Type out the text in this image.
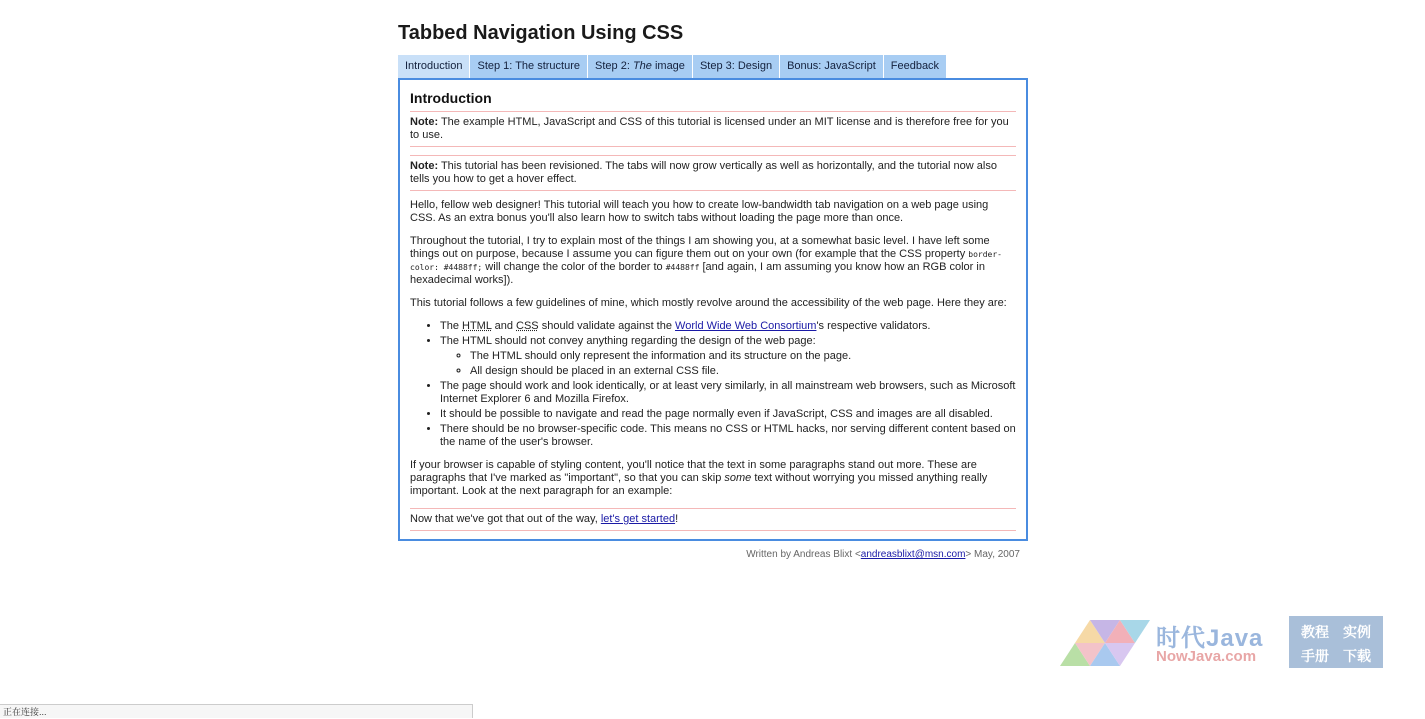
Tabbed Navigation Using CSS
Introduction	Step 1: The structure	Step 2: The image	Step 3: Design	Bonus: JavaScript	Feedback
Introduction

Note: The example HTML, JavaScript and CSS of this tutorial is licensed under an MIT license and is therefore free for you to use.

Note: This tutorial has been revisioned. The tabs will now grow vertically as well as horizontally, and the tutorial now also tells you how to get a hover effect.

Hello, fellow web designer! This tutorial will teach you how to create low-bandwidth tab navigation on a web page using CSS. As an extra bonus you'll also learn how to switch tabs without loading the page more than once.

Throughout the tutorial, I try to explain most of the things I am showing you, at a somewhat basic level. I have left some things out on purpose, because I assume you can figure them out on your own (for example that the CSS property border-color: #4488ff; will change the color of the border to #4488ff [and again, I am assuming you know how an RGB color in hexadecimal works]).

This tutorial follows a few guidelines of mine, which mostly revolve around the accessibility of the web page. Here they are:

• The HTML and CSS should validate against the World Wide Web Consortium's respective validators.
• The HTML should not convey anything regarding the design of the web page:
◦ The HTML should only represent the information and its structure on the page.
◦ All design should be placed in an external CSS file.
• The page should work and look identically, or at least very similarly, in all mainstream web browsers, such as Microsoft Internet Explorer 6 and Mozilla Firefox.
• It should be possible to navigate and read the page normally even if JavaScript, CSS and images are all disabled.
• There should be no browser-specific code. This means no CSS or HTML hacks, nor serving different content based on the name of the user's browser.

If your browser is capable of styling content, you'll notice that the text in some paragraphs stand out more. These are paragraphs that I've marked as "important", so that you can skip some text without worrying you missed anything really important. Look at the next paragraph for an example:

Now that we've got that out of the way, let's get started!

Written by Andreas Blixt <andreasblixt@msn.com> May, 2007
时代Java
NowJava.com
教程 实例
手册 下载
正在连接...
